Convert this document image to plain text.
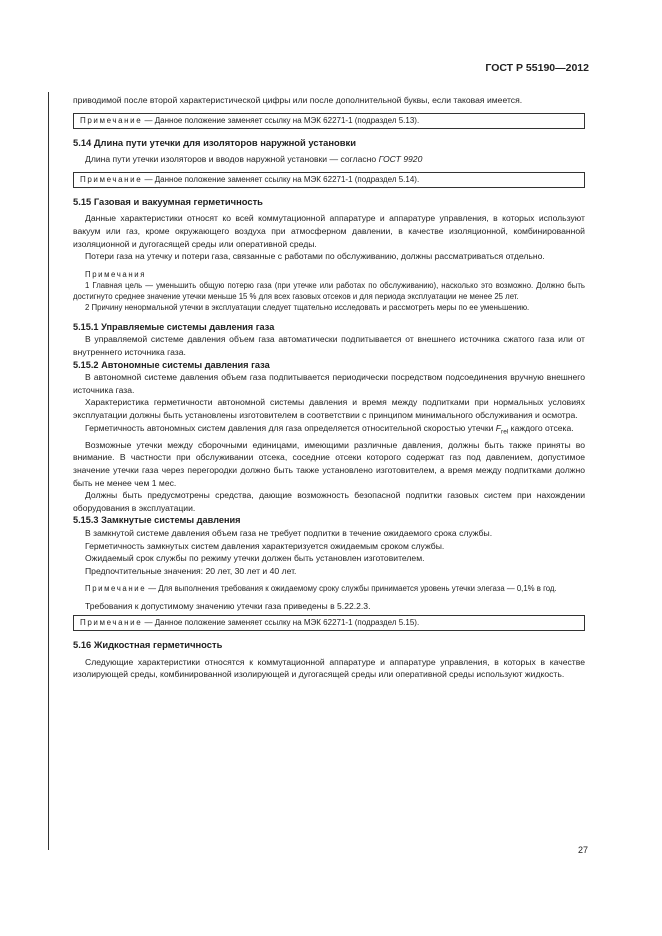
ГОСТ Р 55190—2012

приводимой после второй характеристической цифры или после дополнительной буквы, если таковая имеется.

Примечание — Данное положение заменяет ссылку на МЭК 62271-1 (подраздел 5.13).
5.14 Длина пути утечки для изоляторов наружной установки

Длина пути утечки изоляторов и вводов наружной установки — согласно ГОСТ 9920

Примечание — Данное положение заменяет ссылку на МЭК 62271-1 (подраздел 5.14).
5.15 Газовая и вакуумная герметичность

Данные характеристики относят ко всей коммутационной аппаратуре и аппаратуре управления, в которых используют вакуум или газ, кроме окружающего воздуха при атмосферном давлении, в качестве изоляционной, комбинированной изоляционной и дугогасящей среды или оперативной среды.

Потери газа на утечку и потери газа, связанные с работами по обслуживанию, должны рассматриваться отдельно.

Примечания

1 Главная цель — уменьшить общую потерю газа (при утечке или работах по обслуживанию), насколько это возможно. Должно быть достигнуто среднее значение утечки меньше 15 % для всех газовых отсеков и для периода эксплуатации не менее 25 лет.

2 Причину ненормальной утечки в эксплуатации следует тщательно исследовать и рассмотреть меры по ее уменьшению.

5.15.1 Управляемые системы давления газа

В управляемой системе давления объем газа автоматически подпитывается от внешнего источника сжатого газа или от внутреннего источника газа.

5.15.2 Автономные системы давления газа

В автономной системе давления объем газа подпитывается периодически посредством подсоединения вручную внешнего источника газа.

Характеристика герметичности автономной системы давления и время между подпитками при нормальных условиях эксплуатации должны быть установлены изготовителем в соответствии с принципом минимального обслуживания и осмотра.

Герметичность автономных систем давления для газа определяется относительной скоростью утечки $F_{rel}$ каждого отсека.

Возможные утечки между сборочными единицами, имеющими различные давления, должны быть также приняты во внимание. В частности при обслуживании отсека, соседние отсеки которого содержат газ под давлением, допустимое значение утечки газа через перегородки должно быть также установлено изготовителем, а время между подпитками должно быть не менее чем 1 мес.

Должны быть предусмотрены средства, дающие возможность безопасной подпитки газовых систем при нахождении оборудования в эксплуатации.

5.15.3 Замкнутые системы давления

В замкнутой системе давления объем газа не требует подпитки в течение ожидаемого срока службы.

Герметичность замкнутых систем давления характеризуется ожидаемым сроком службы.

Ожидаемый срок службы по режиму утечки должен быть установлен изготовителем.

Предпочтительные значения: 20 лет, 30 лет и 40 лет.

Примечание — Для выполнения требования к ожидаемому сроку службы принимается уровень утечки элегаза — 0,1% в год.

Требования к допустимому значению утечки газа приведены в 5.22.2.3.

Примечание — Данное положение заменяет ссылку на МЭК 62271-1 (подраздел 5.15).
5.16 Жидкостная герметичность

Следующие характеристики относятся к коммутационной аппаратуре и аппаратуре управления, в которых в качестве изолирующей среды, комбинированной изолирующей и дугогасящей среды или оперативной среды используют жидкость.

27
